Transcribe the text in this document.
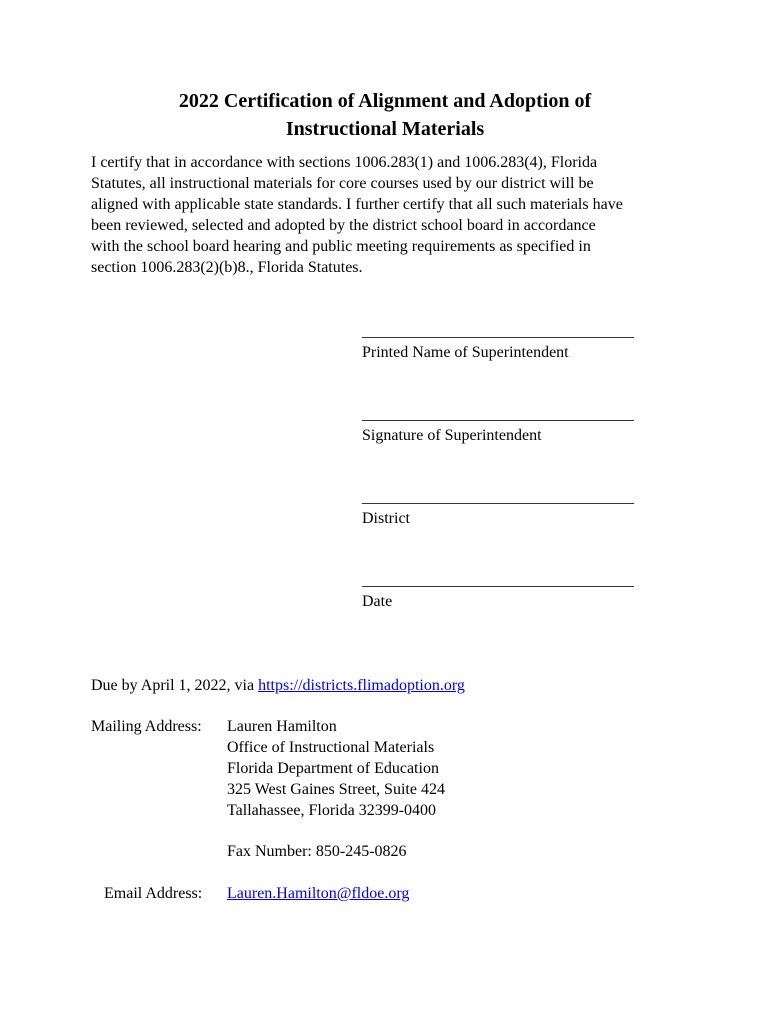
2022 Certification of Alignment and Adoption of
Instructional Materials

I certify that in accordance with sections 1006.283(1) and 1006.283(4), Florida
Statutes, all instructional materials for core courses used by our district will be
aligned with applicable state standards. I further certify that all such materials have
been reviewed, selected and adopted by the district school board in accordance
with the school board hearing and public meeting requirements as specified in
section 1006.283(2)(b)8., Florida Statutes.

__________________________________
Printed Name of Superintendent
__________________________________
Signature of Superintendent
__________________________________
District
__________________________________
Date
Due by April 1, 2022, via https://districts.flimadoption.org
Mailing Address: Lauren Hamilton
Office of Instructional Materials
Florida Department of Education
325 West Gaines Street, Suite 424
Tallahassee, Florida 32399-0400
Fax Number: 850-245-0826
Email Address: Lauren.Hamilton@fldoe.org
